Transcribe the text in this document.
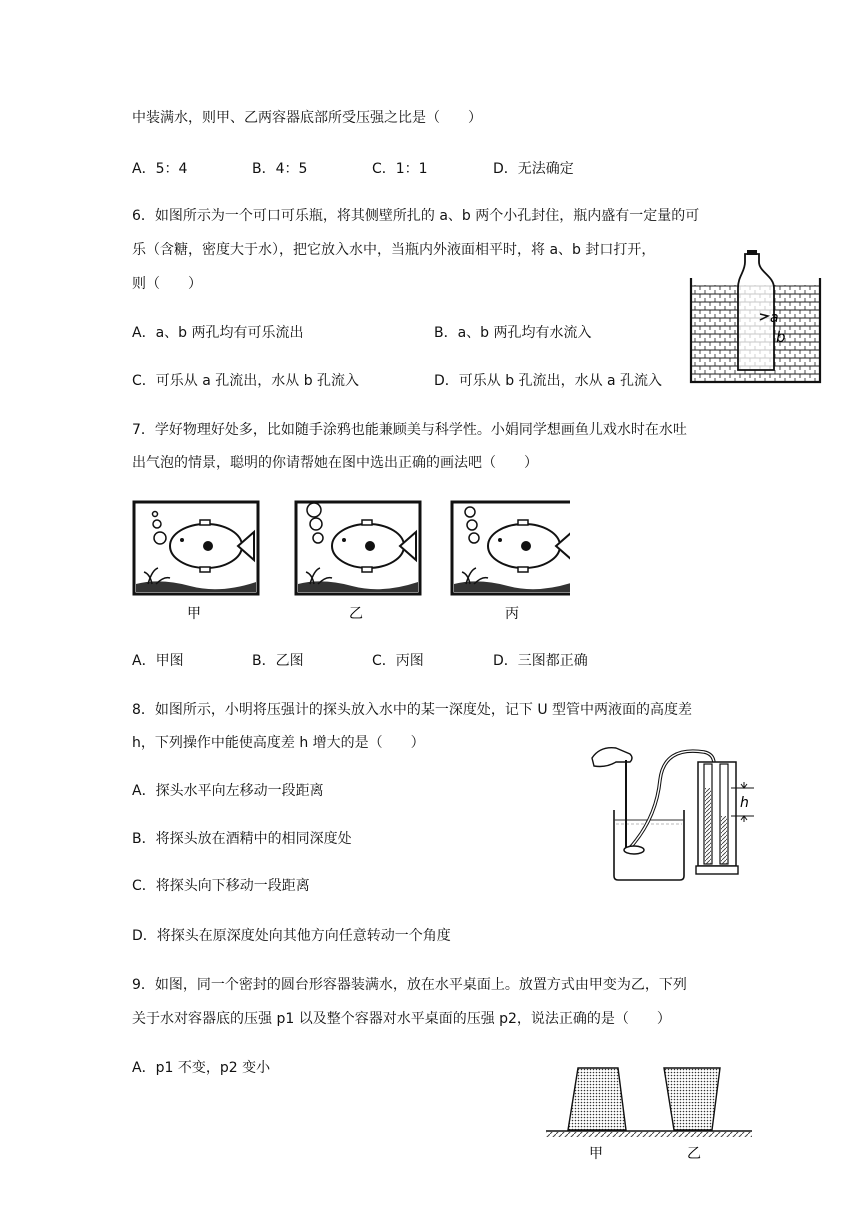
中装满水，则甲、乙两容器底部所受压强之比是（　　）
A．5：4	B．4：5	C．1：1	D．无法确定
6．如图所示为一个可口可乐瓶，将其侧壁所扎的 a、b 两个小孔封住，瓶内盛有一定量的可
乐（含糖，密度大于水），把它放入水中，当瓶内外液面相平时，将 a、b 封口打开，
则（　　）
A．a、b 两孔均有可乐流出	B．a、b 两孔均有水流入
C．可乐从 a 孔流出，水从 b 孔流入	D．可乐从 b 孔流出，水从 a 孔流入
a
b
7．学好物理好处多，比如随手涂鸦也能兼顾美与科学性。小娟同学想画鱼儿戏水时在水吐
出气泡的情景，聪明的你请帮她在图中选出正确的画法吧（　　）
甲	乙	丙
A．甲图	B．乙图	C．丙图	D．三图都正确
8．如图所示，小明将压强计的探头放入水中的某一深度处，记下 U 型管中两液面的高度差
h，下列操作中能使高度差 h 增大的是（　　）
A．探头水平向左移动一段距离
B．将探头放在酒精中的相同深度处
C．将探头向下移动一段距离
D．将探头在原深度处向其他方向任意转动一个角度
h
9．如图，同一个密封的圆台形容器装满水，放在水平桌面上。放置方式由甲变为乙，下列
关于水对容器底的压强 p1 以及整个容器对水平桌面的压强 p2，说法正确的是（　　）
A．p1 不变，p2 变小
甲	乙
